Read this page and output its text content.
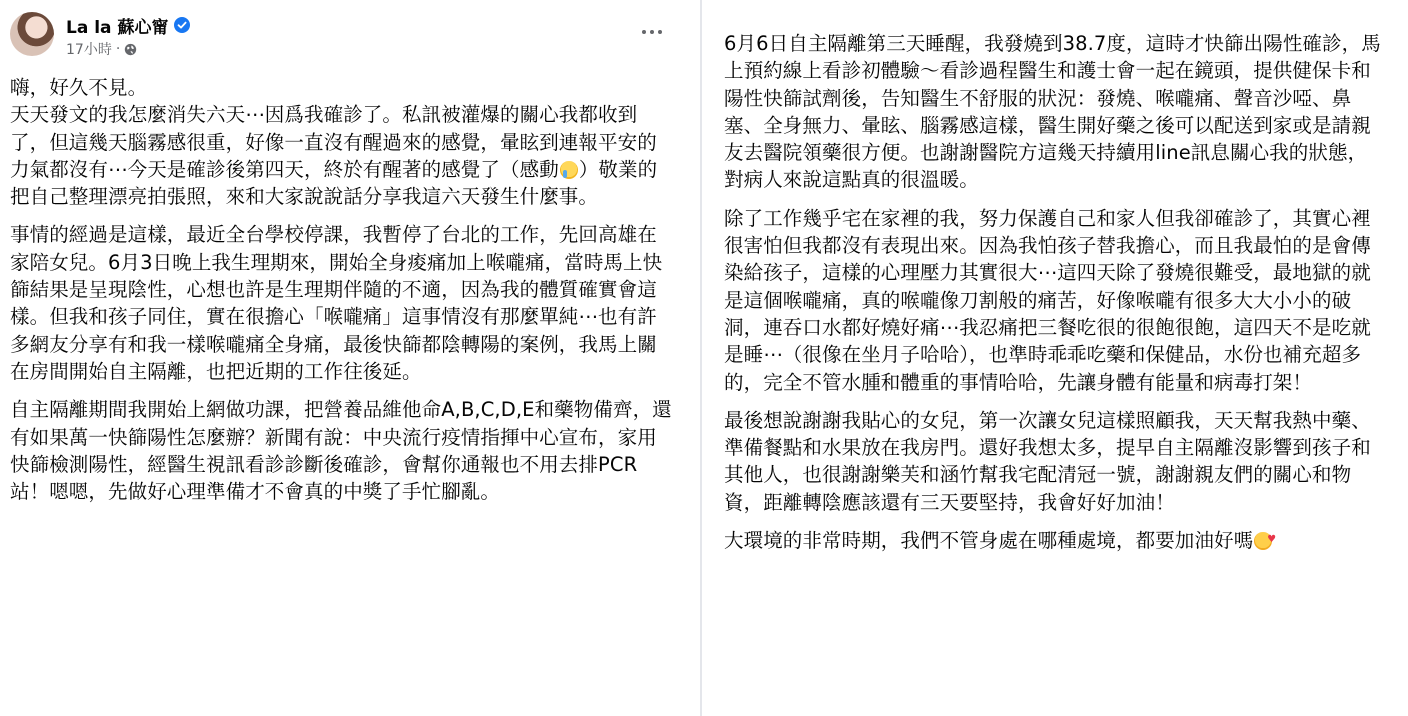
La la 蘇心甯
17小時 ·

嗨，好久不見。
天天發文的我怎麼消失六天⋯因爲我確診了。私訊被灌爆的關心我都收到了，但這幾天腦霧感很重，好像一直沒有醒過來的感覺，暈眩到連報平安的力氣都沒有⋯今天是確診後第四天，終於有醒著的感覺了（感動 ）敬業的把自己整理漂亮拍張照，來和大家說說話分享我這六天發生什麼事。

事情的經過是這樣，最近全台學校停課，我暫停了台北的工作，先回高雄在家陪女兒。6月3日晚上我生理期來，開始全身痠痛加上喉嚨痛，當時馬上快篩結果是呈現陰性，心想也許是生理期伴隨的不適，因為我的體質確實會這樣。但我和孩子同住，實在很擔心「喉嚨痛」這事情沒有那麼單純⋯也有許多網友分享有和我一樣喉嚨痛全身痛，最後快篩都陰轉陽的案例，我馬上關在房間開始自主隔離，也把近期的工作往後延。

自主隔離期間我開始上網做功課，把營養品維他命A,B,C,D,E和藥物備齊，還有如果萬一快篩陽性怎麼辦？新聞有說：中央流行疫情指揮中心宣布，家用快篩檢測陽性，經醫生視訊看診診斷後確診，會幫你通報也不用去排PCR站！嗯嗯，先做好心理準備才不會真的中獎了手忙腳亂。

6月6日自主隔離第三天睡醒，我發燒到38.7度，這時才快篩出陽性確診，馬上預約線上看診初體驗～看診過程醫生和護士會一起在鏡頭，提供健保卡和陽性快篩試劑後，告知醫生不舒服的狀況：發燒、喉嚨痛、聲音沙啞、鼻塞、全身無力、暈眩、腦霧感這樣，醫生開好藥之後可以配送到家或是請親友去醫院領藥很方便。也謝謝醫院方這幾天持續用line訊息關心我的狀態，對病人來說這點真的很溫暖。

除了工作幾乎宅在家裡的我，努力保護自己和家人但我卻確診了，其實心裡很害怕但我都沒有表現出來。因為我怕孩子替我擔心，而且我最怕的是會傳染給孩子，這樣的心理壓力其實很大⋯這四天除了發燒很難受，最地獄的就是這個喉嚨痛，真的喉嚨像刀割般的痛苦，好像喉嚨有很多大大小小的破洞，連吞口水都好燒好痛⋯我忍痛把三餐吃很的很飽很飽，這四天不是吃就是睡⋯（很像在坐月子哈哈），也準時乖乖吃藥和保健品，水份也補充超多的，完全不管水腫和體重的事情哈哈，先讓身體有能量和病毒打架！

最後想說謝謝我貼心的女兒，第一次讓女兒這樣照顧我，天天幫我熱中藥、準備餐點和水果放在我房門。還好我想太多，提早自主隔離沒影響到孩子和其他人，也很謝謝樂芙和涵竹幫我宅配清冠一號，謝謝親友們的關心和物資，距離轉陰應該還有三天要堅持，我會好好加油！

大環境的非常時期，我們不管身處在哪種處境，都要加油好嗎♥
